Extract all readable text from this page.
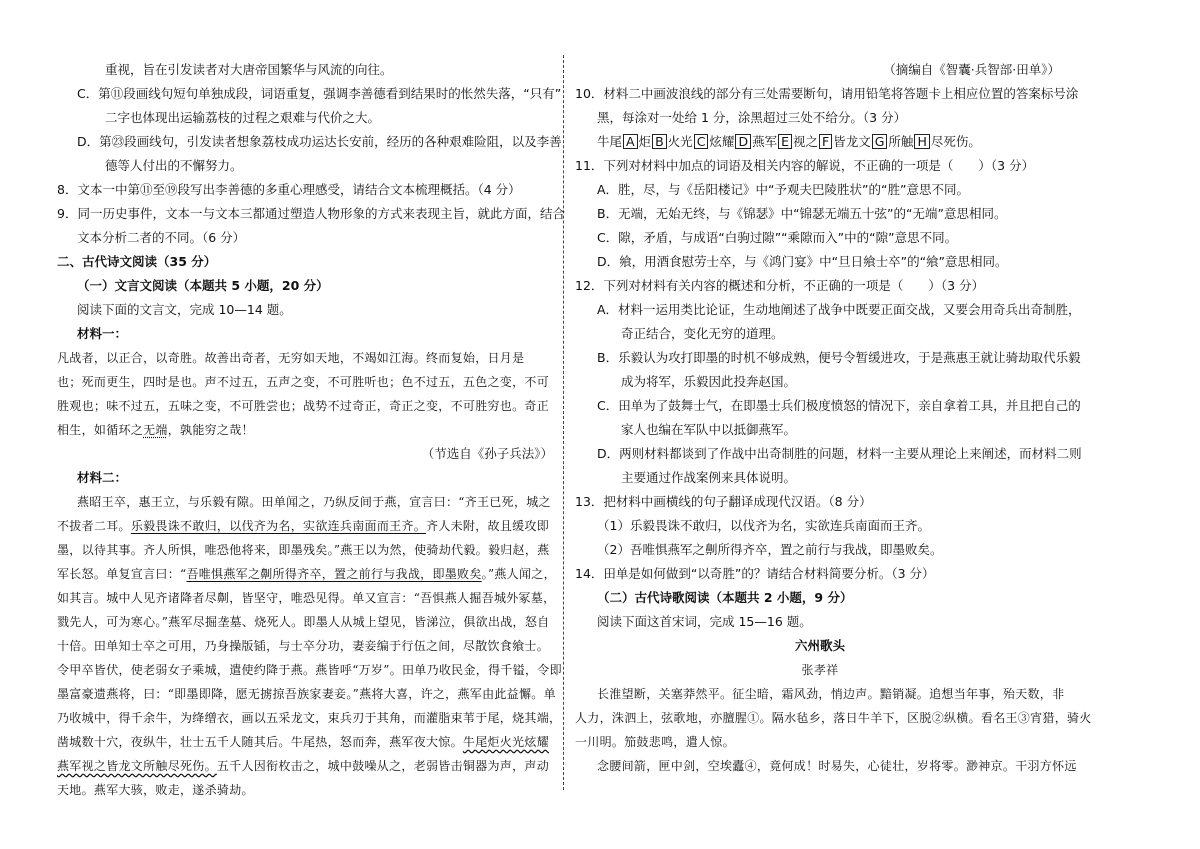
重视，旨在引发读者对大唐帝国繁华与风流的向往。
C．第⑪段画线句短句单独成段，词语重复，强调李善德看到结果时的怅然失落，“只有”
二字也体现出运输荔枝的过程之艰难与代价之大。
D．第㉓段画线句，引发读者想象荔枝成功运达长安前，经历的各种艰难险阻，以及李善
德等人付出的不懈努力。
8．文本一中第⑪至⑲段写出李善德的多重心理感受，请结合文本梳理概括。（4 分）
9．同一历史事件，文本一与文本三都通过塑造人物形象的方式来表现主旨，就此方面，结合
文本分析二者的不同。（6 分）
二、古代诗文阅读（35 分）
（一）文言文阅读（本题共 5 小题，20 分）
阅读下面的文言文，完成 10—14 题。
材料一：
凡战者，以正合，以奇胜。故善出奇者，无穷如天地，不竭如江海。终而复始，日月是
也；死而更生，四时是也。声不过五，五声之变，不可胜听也；色不过五，五色之变，不可
胜观也；味不过五，五味之变，不可胜尝也；战势不过奇正，奇正之变，不可胜穷也。奇正
相生，如循环之无端，孰能穷之哉！
（节选自《孙子兵法》）
材料二：
燕昭王卒，惠王立，与乐毅有隙。田单闻之，乃纵反间于燕，宣言曰：“齐王已死，城之
不拔者二耳。乐毅畏诛不敢归，以伐齐为名，实欲连兵南面而王齐。齐人未附，故且缓攻即
墨，以待其事。齐人所惧，唯恐他将来，即墨残矣。”燕王以为然，使骑劫代毅。毅归赵，燕
军长怒。单复宣言曰：“吾唯惧燕军之劓所得齐卒，置之前行与我战，即墨败矣。”燕人闻之，
如其言。城中人见齐诸降者尽劓，皆坚守，唯恐见得。单又宣言：“吾惧燕人掘吾城外冢墓，
戮先人，可为寒心。”燕军尽掘垄墓、烧死人。即墨人从城上望见，皆涕泣，俱欲出战，怒自
十倍。田单知士卒之可用，乃身操版锸，与士卒分功，妻妾编于行伍之间，尽散饮食飨士。
令甲卒皆伏，使老弱女子乘城，遣使约降于燕。燕皆呼“万岁”。田单乃收民金，得千镒，令即
墨富豪遗燕将，曰：“即墨即降，愿无掳掠吾族家妻妾。”燕将大喜，许之，燕军由此益懈。单
乃收城中，得千余牛，为绛缯衣，画以五采龙文，束兵刃于其角，而灌脂束苇于尾，烧其端，
凿城数十穴，夜纵牛，壮士五千人随其后。牛尾热，怒而奔，燕军夜大惊。牛尾炬火光炫耀
燕军视之皆龙文所触尽死伤。五千人因衔枚击之，城中鼓噪从之，老弱皆击铜器为声，声动
天地。燕军大骇，败走，遂杀骑劫。
（摘编自《智囊·兵智部·田单》）
10．材料二中画波浪线的部分有三处需要断句，请用铅笔将答题卡上相应位置的答案标号涂
黑，每涂对一处给 1 分，涂黑超过三处不给分。（3 分）
牛尾 A 炬 B 火光 C 炫耀 D 燕军 E 视之 F 皆龙文 G 所触 H 尽死伤。
11．下列对材料中加点的词语及相关内容的解说，不正确的一项是（　　）（3 分）
A．胜，尽，与《岳阳楼记》中“予观夫巴陵胜状”的“胜”意思不同。
B．无端，无始无终，与《锦瑟》中“锦瑟无端五十弦”的“无端”意思相同。
C．隙，矛盾，与成语“白驹过隙”“乘隙而入”中的“隙”意思不同。
D．飨，用酒食慰劳士卒，与《鸿门宴》中“旦日飨士卒”的“飨”意思相同。
12．下列对材料有关内容的概述和分析，不正确的一项是（　　）（3 分）
A．材料一运用类比论证，生动地阐述了战争中既要正面交战，又要会用奇兵出奇制胜，
奇正结合，变化无穷的道理。
B．乐毅认为攻打即墨的时机不够成熟，便号令暂缓进攻，于是燕惠王就让骑劫取代乐毅
成为将军，乐毅因此投奔赵国。
C．田单为了鼓舞士气，在即墨士兵们极度愤怒的情况下，亲自拿着工具，并且把自己的
家人也编在军队中以抵御燕军。
D．两则材料都谈到了作战中出奇制胜的问题，材料一主要从理论上来阐述，而材料二则
主要通过作战案例来具体说明。
13．把材料中画横线的句子翻译成现代汉语。（8 分）
（1）乐毅畏诛不敢归，以伐齐为名，实欲连兵南面而王齐。
（2）吾唯惧燕军之劓所得齐卒，置之前行与我战，即墨败矣。
14．田单是如何做到“以奇胜”的？请结合材料简要分析。（3 分）
（二）古代诗歌阅读（本题共 2 小题，9 分）
阅读下面这首宋词，完成 15—16 题。
六州歌头
张孝祥
长淮望断，关塞莽然平。征尘暗，霜风劲，悄边声。黯销凝。追想当年事，殆天数，非
人力，洙泗上，弦歌地，亦膻腥①。隔水毡乡，落日牛羊下，区脱②纵横。看名王③宵猎，骑火
一川明。笳鼓悲鸣，遣人惊。
念腰间箭，匣中剑，空埃蠹④，竟何成！时易失，心徒壮，岁将零。渺神京。干羽方怀远
